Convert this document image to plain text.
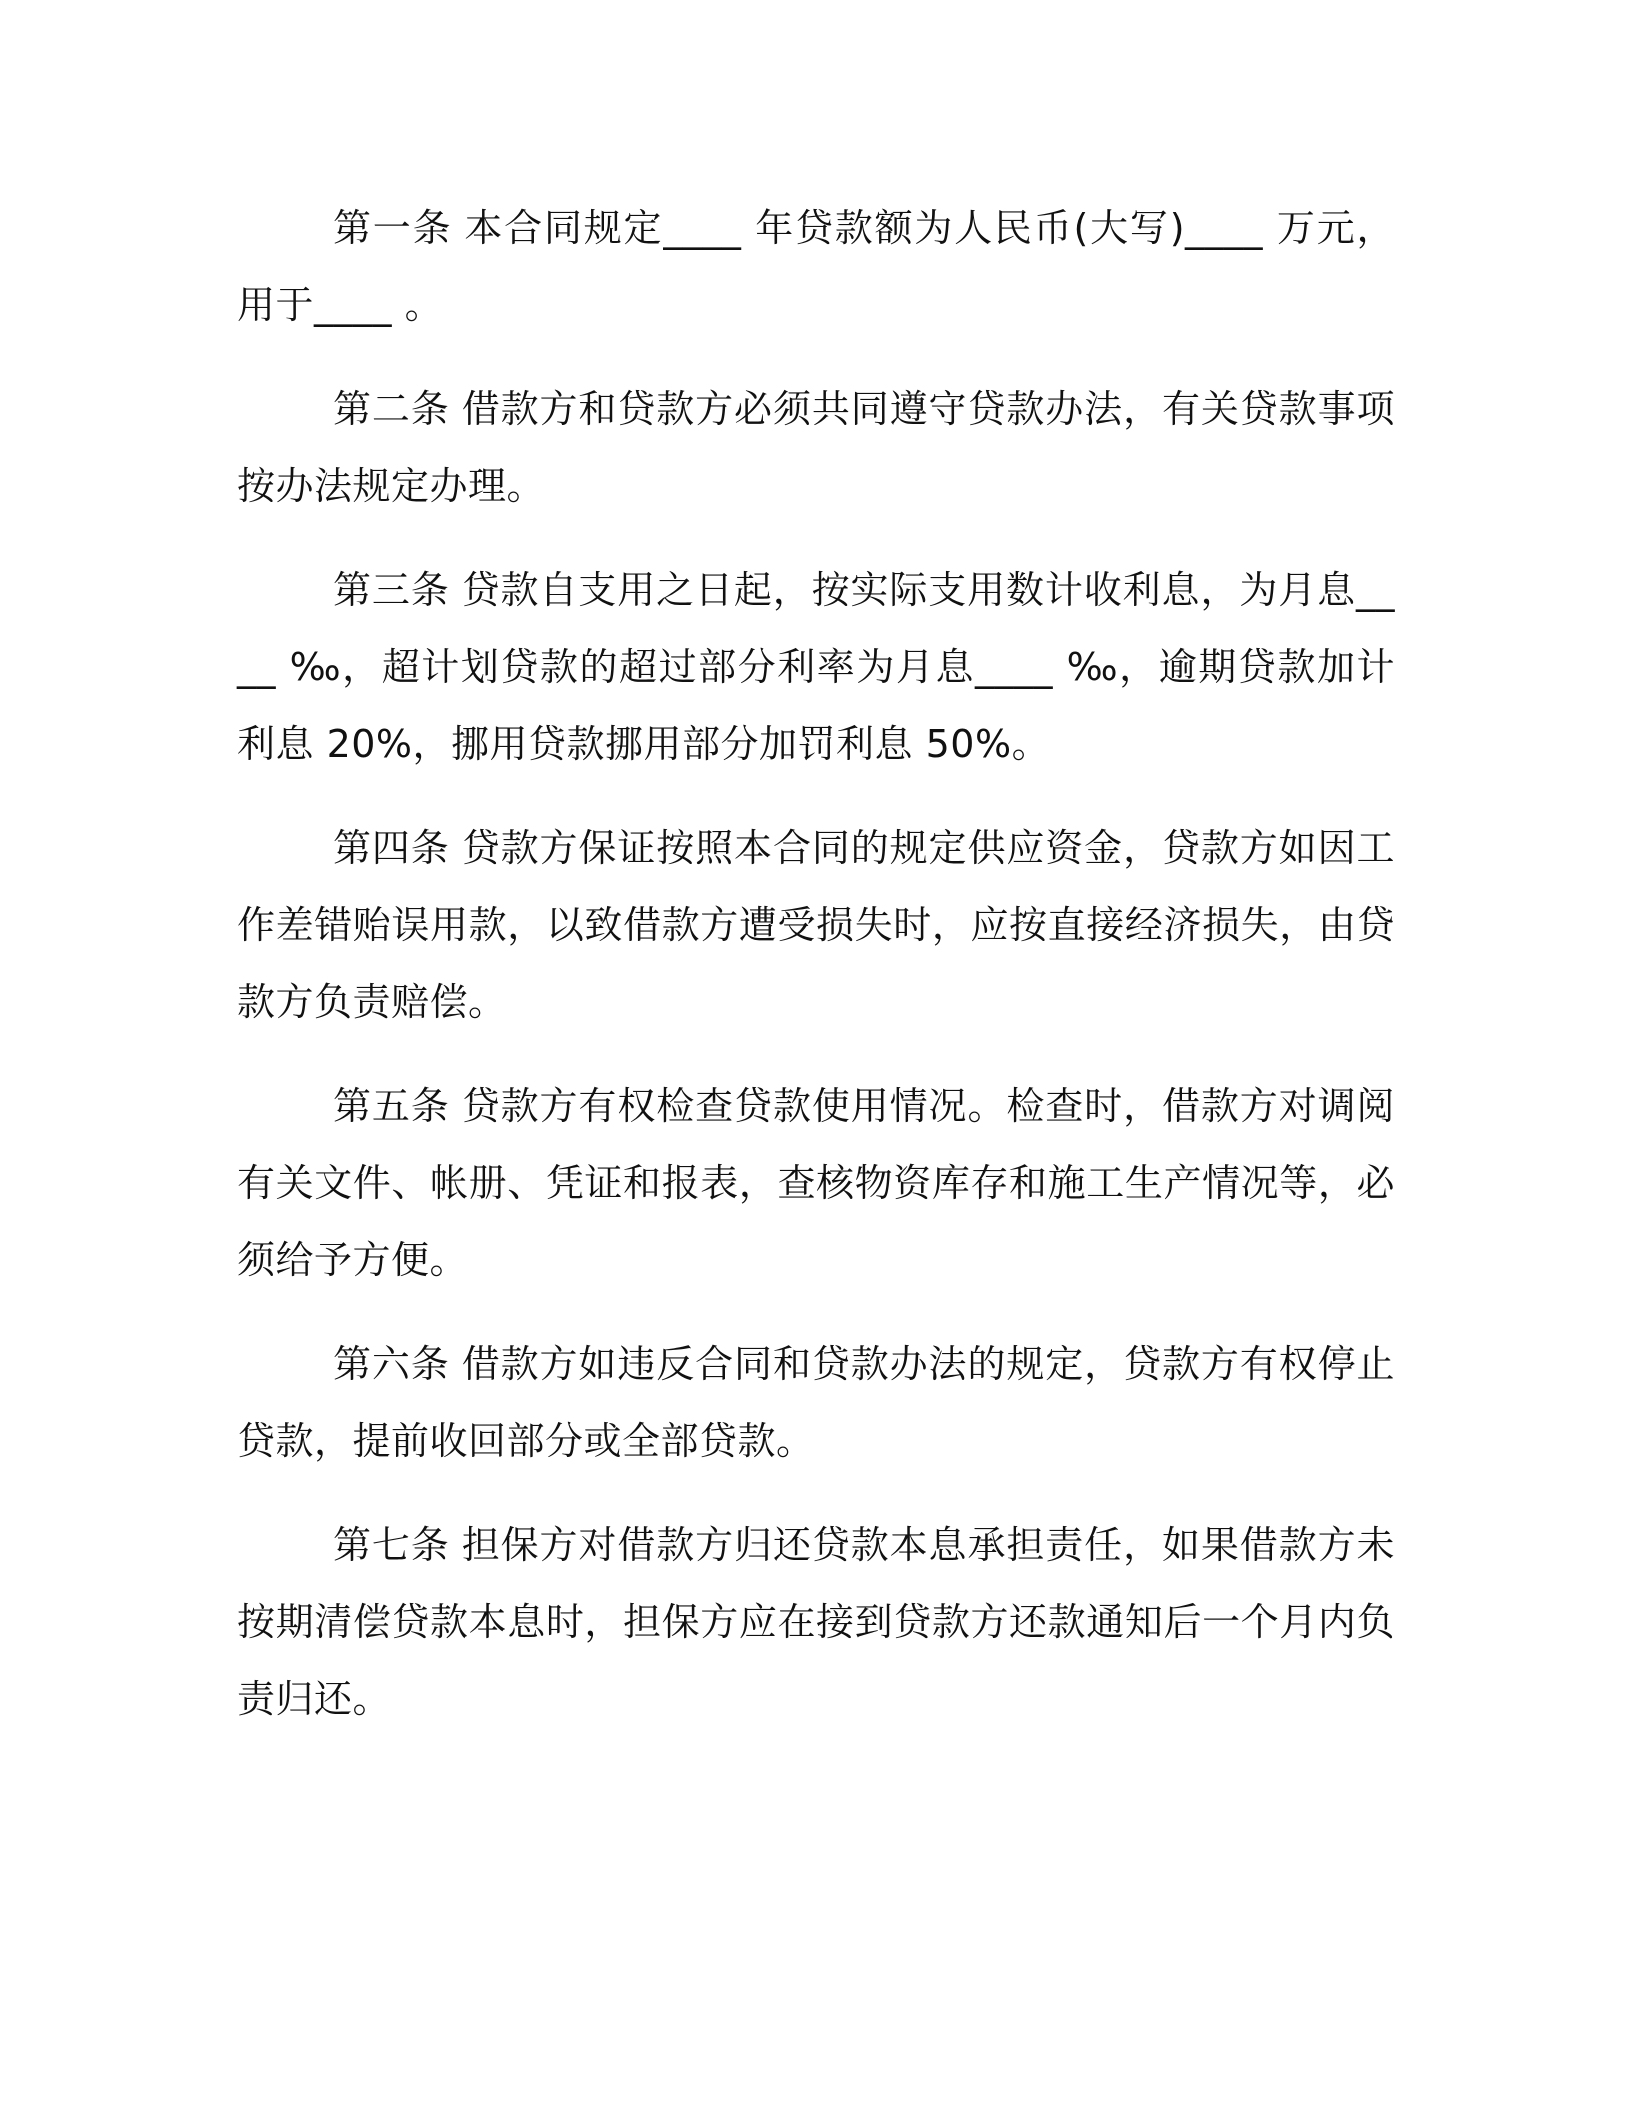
第一条 本合同规定____ 年贷款额为人民币(大写)____ 万元，用于____ 。

第二条 借款方和贷款方必须共同遵守贷款办法，有关贷款事项按办法规定办理。

第三条 贷款自支用之日起，按实际支用数计收利息，为月息____ ‰，超计划贷款的超过部分利率为月息____ ‰，逾期贷款加计利息 20%，挪用贷款挪用部分加罚利息 50%。

第四条 贷款方保证按照本合同的规定供应资金，贷款方如因工作差错贻误用款，以致借款方遭受损失时，应按直接经济损失，由贷款方负责赔偿。

第五条 贷款方有权检查贷款使用情况。检查时，借款方对调阅有关文件、帐册、凭证和报表，查核物资库存和施工生产情况等，必须给予方便。

第六条 借款方如违反合同和贷款办法的规定，贷款方有权停止贷款，提前收回部分或全部贷款。

第七条 担保方对借款方归还贷款本息承担责任，如果借款方未按期清偿贷款本息时，担保方应在接到贷款方还款通知后一个月内负责归还。
